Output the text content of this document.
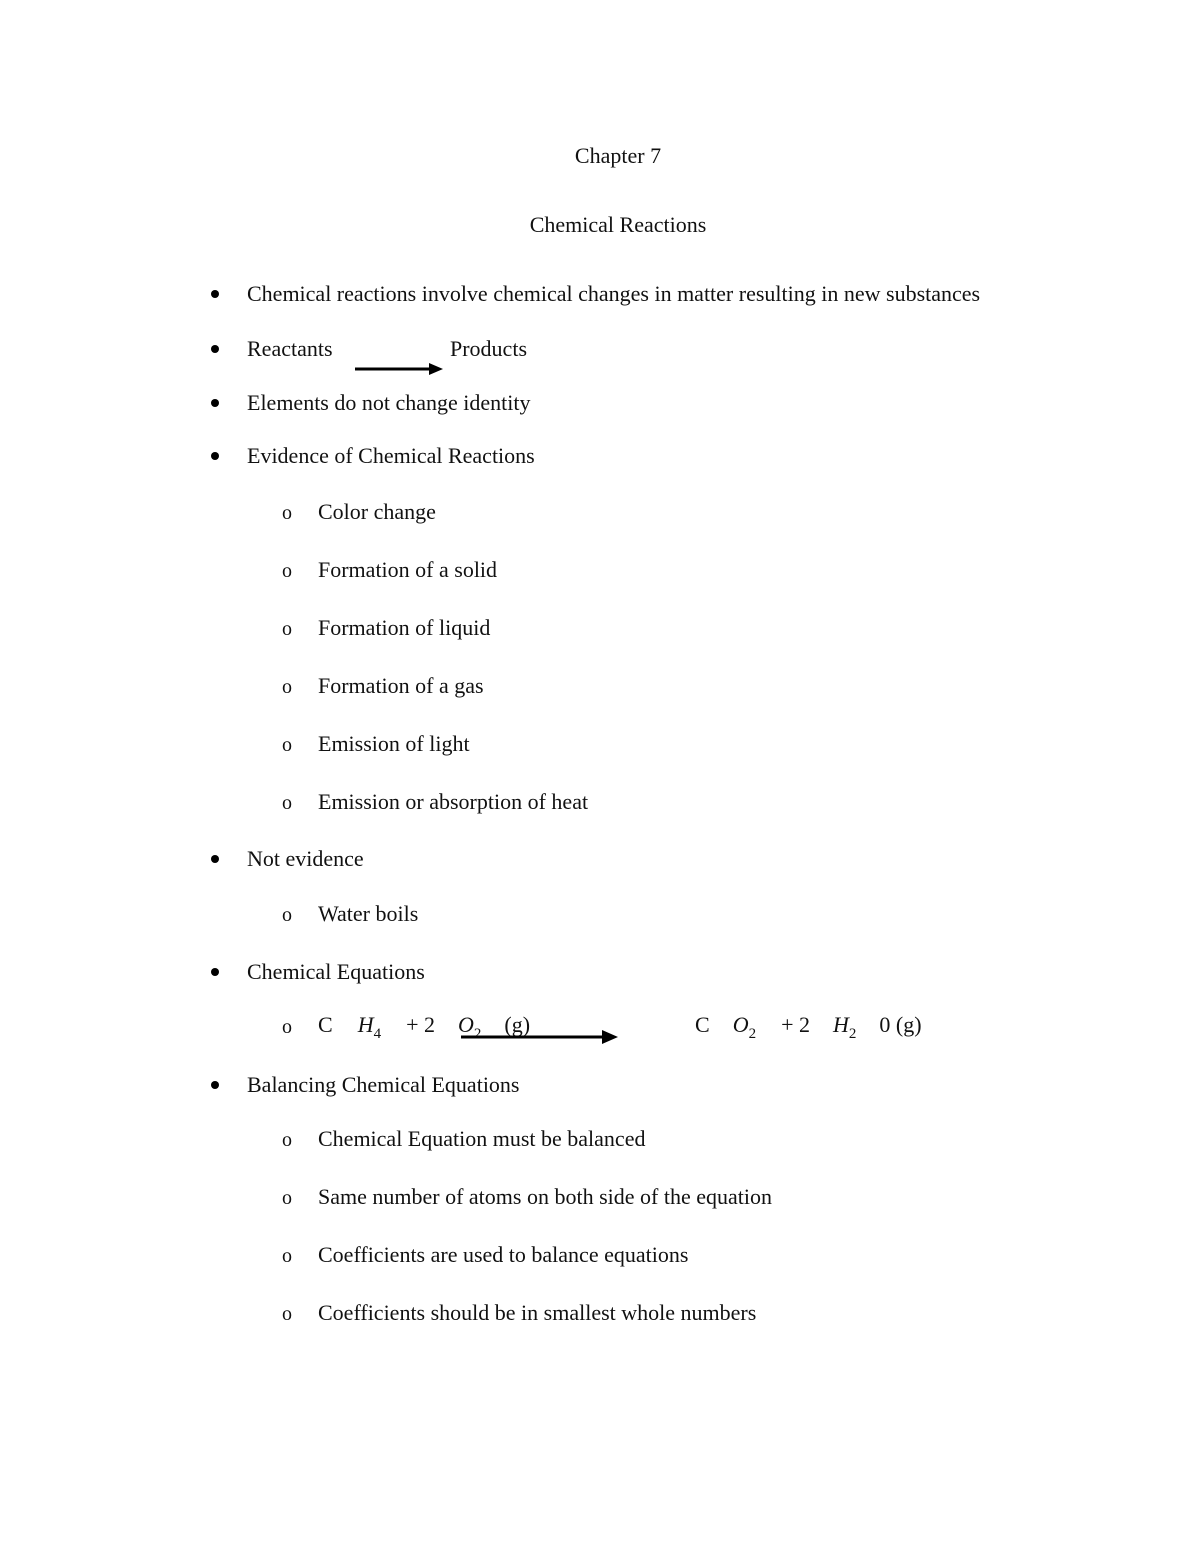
Chapter 7
Chemical Reactions
Chemical reactions involve chemical changes in matter resulting in new substances
Reactants	Products
Elements do not change identity
Evidence of Chemical Reactions
o Color change
o Formation of a solid
o Formation of liquid
o Formation of a gas
o Emission of light
o Emission or absorption of heat
Not evidence
o Water boils
Chemical Equations
o C $H_4 + 2$ $O_2$ (g)	C $O_2 + 2$ $H_2$ 0 (g)
Balancing Chemical Equations
o Chemical Equation must be balanced
o Same number of atoms on both side of the equation
o Coefficients are used to balance equations
o Coefficients should be in smallest whole numbers
